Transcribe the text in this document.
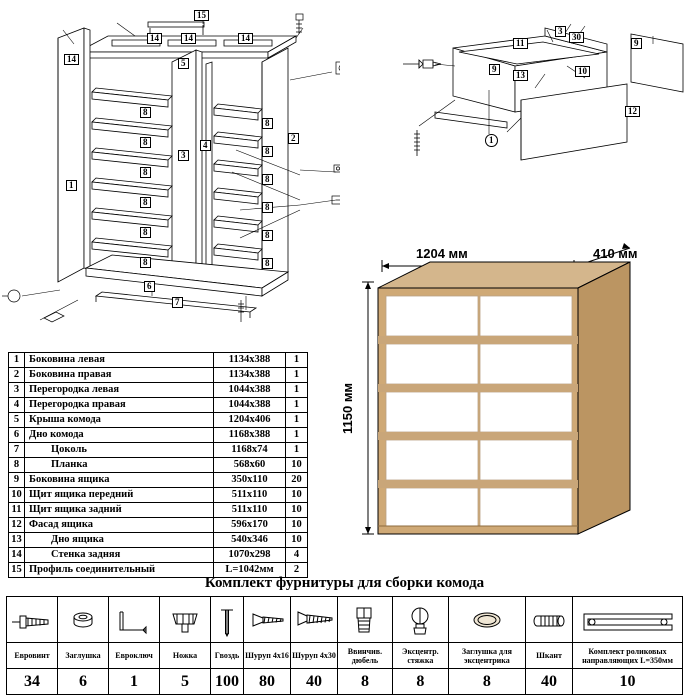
15
14	14	14
14	5
8
8
8
8
8
8
8
8
8
8
8
8
2
3
4
1
6
7
11
3
30
9
9
13	10
12
1
1	Боковина левая	1134x388	1
2	Боковина правая	1134x388	1
3	Перегородка левая	1044x388	1
4	Перегородка правая	1044x388	1
5	Крыша комода	1204x406	1
6	Дно комода	1168x388	1
7	Цоколь	1168x74	1
8	Планка	568x60	10
9	Боковина ящика	350x110	20
10	Щит ящика передний	511x110	10
11	Щит ящика задний	511x110	10
12	Фасад ящика	596x170	10
13	Дно ящика	540x346	10
14	Стенка задняя	1070x298	4
15	Профиль соединительный	L=1042мм	2
1204 мм	410 мм
1150 мм
Комплект фурнитуры для сборки комода

Евровинт	Заглушка	Евроключ	Ножка	Гвоздь	Шуруп 4х16	Шуруп 4х30	Ввинчив. дюбель	Эксцентр. стяжка	Заглушка для эксцентрика	Шкант	Комплект роликовых направляющих L=350мм
34	6	1	5	100	80	40	8	8	8	40	10
